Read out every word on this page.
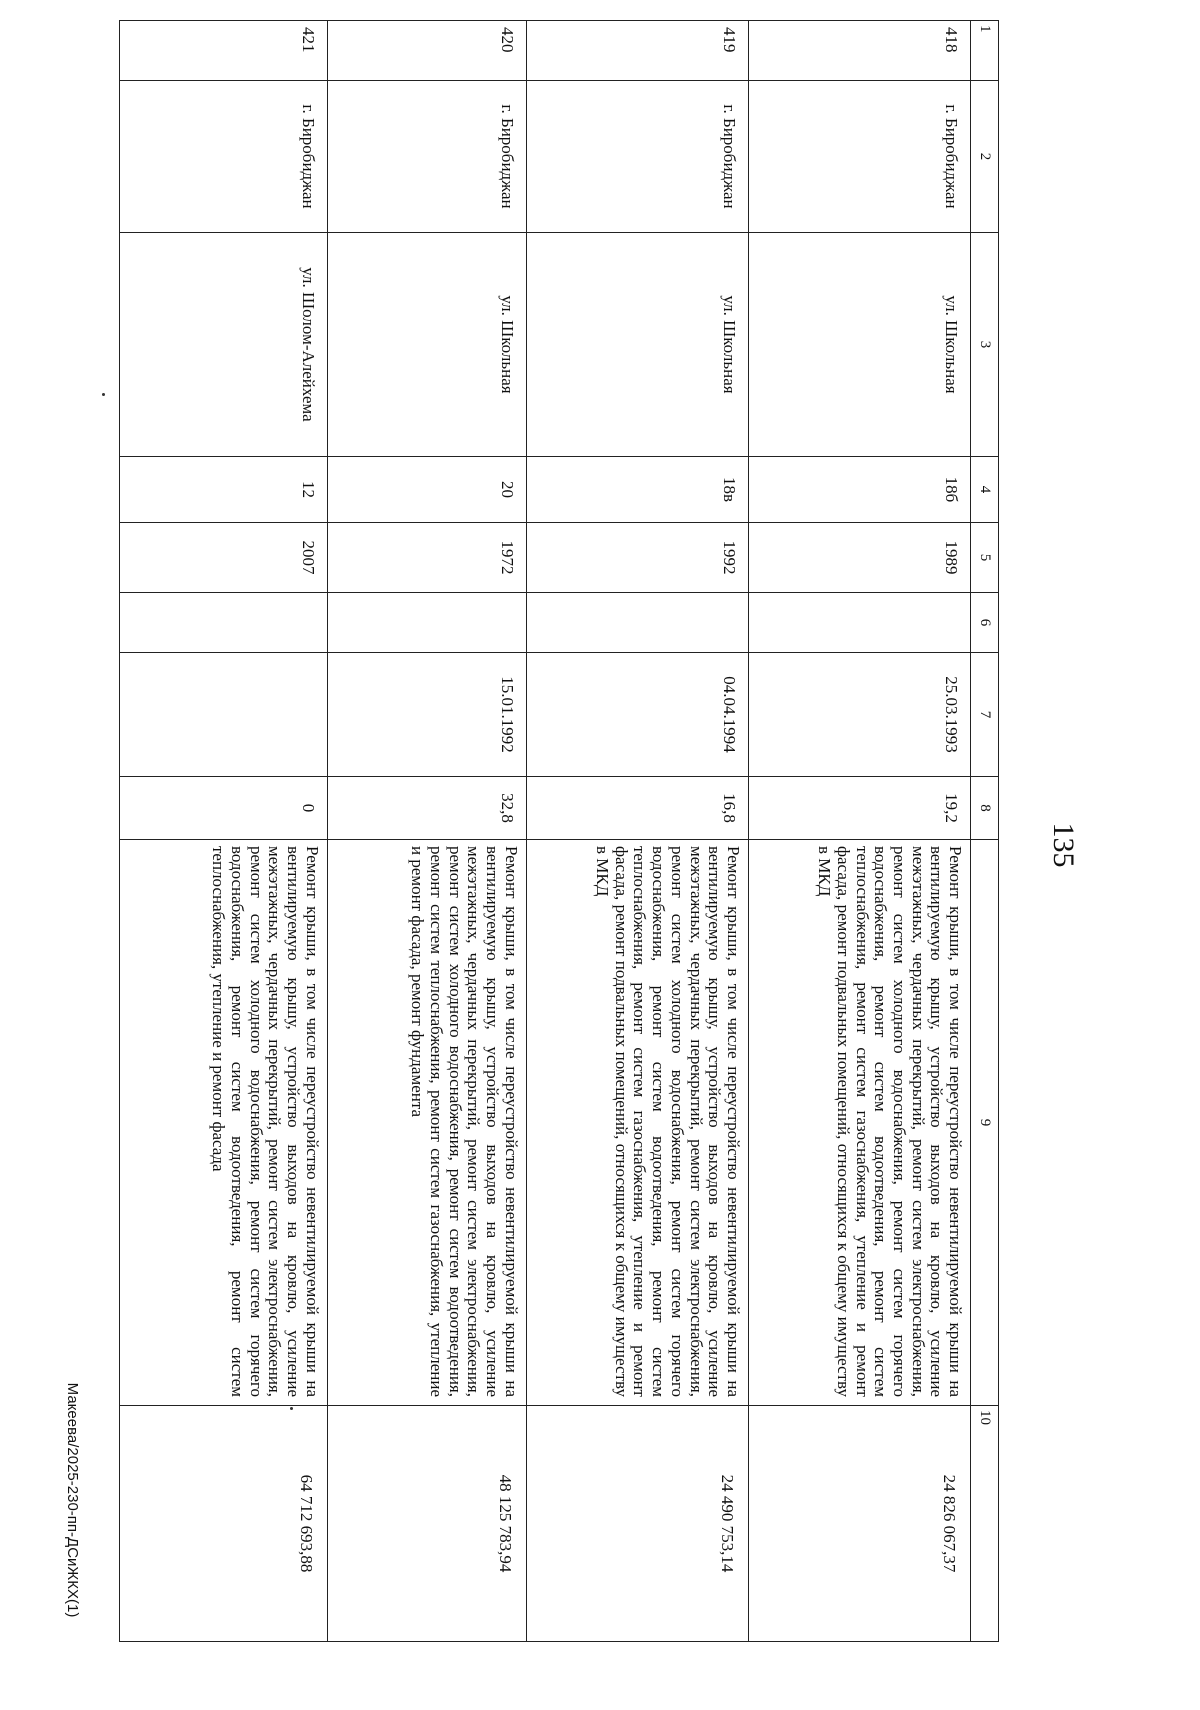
135
Макеева/2025-230-пп-ДСиЖКХ(1)
1	2	3	4	5	6	7	8	9	10
418	г. Биробиджан	ул. Школьная	18б	1989		25.03.1993	19,2	Ремонт крыши, в том числе переустройство невентилируемой крыши на вентилируемую крышу, устройство выходов на кровлю, усиление межэтажных, чердачных перекрытий, ремонт систем электроснабжения, ремонт систем холодного водоснабжения, ремонт систем горячего водоснабжения, ремонт систем водоотведения, ремонт систем теплоснабжения, ремонт систем газоснабжения, утепление и ремонт фасада, ремонт подвальных помещений, относящихся к общему имуществу в МКД	24 826 067,37
419	г. Биробиджан	ул. Школьная	18в	1992		04.04.1994	16,8	Ремонт крыши, в том числе переустройство невентилируемой крыши на вентилируемую крышу, устройство выходов на кровлю, усиление межэтажных, чердачных перекрытий, ремонт систем электроснабжения, ремонт систем холодного водоснабжения, ремонт систем горячего водоснабжения, ремонт систем водоотведения, ремонт систем теплоснабжения, ремонт систем газоснабжения, утепление и ремонт фасада, ремонт подвальных помещений, относящихся к общему имуществу в МКД	24 490 753,14
420	г. Биробиджан	ул. Школьная	20	1972		15.01.1992	32,8	Ремонт крыши, в том числе переустройство невентилируемой крыши на вентилируемую крышу, устройство выходов на кровлю, усиление межэтажных, чердачных перекрытий, ремонт систем электроснабжения, ремонт систем холодного водоснабжения, ремонт систем водоотведения, ремонт систем теплоснабжения, ремонт систем газоснабжения, утепление и ремонт фасада, ремонт фундамента	48 125 783,94
421	г. Биробиджан	ул. Шолом-Алейхема	12	2007			0	Ремонт крыши, в том числе переустройство невентилируемой крыши на вентилируемую крышу, устройство выходов на кровлю, усиление межэтажных, чердачных перекрытий, ремонт систем электроснабжения, ремонт систем холодного водоснабжения, ремонт систем горячего водоснабжения, ремонт систем водоотведения, ремонт систем теплоснабжения, утепление и ремонт фасада	64 712 693,88
